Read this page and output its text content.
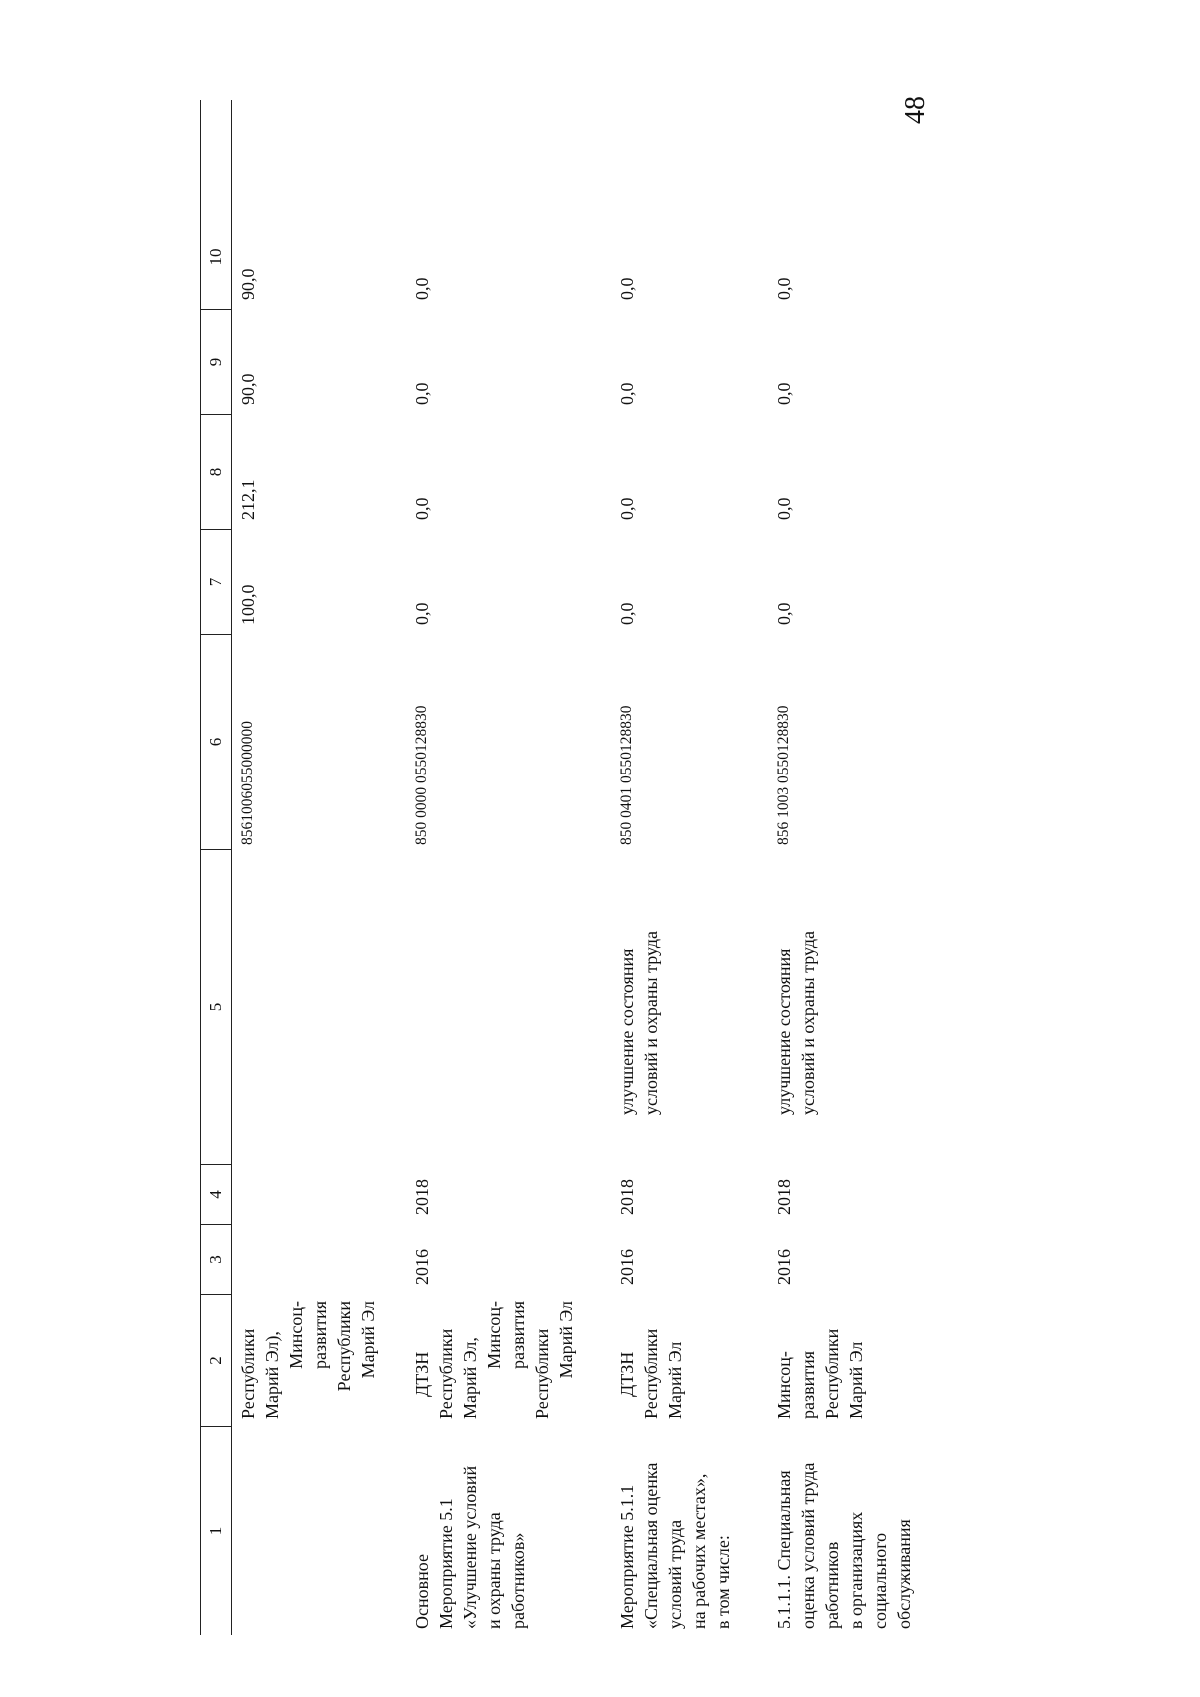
48
1
2
3
4
5
6
7
8
9
10
Республики Марий Эл), Минсоц- развития Республики Марий Эл
8561006055000000
100,0
212,1
90,0
90,0
Основное Мероприятие 5.1 «Улучшение условий и охраны труда работников»
ДТЗН Республики Марий Эл,
Минсоц- развития Республики Марий Эл
2016
2018
850 0000 0550128830
0,0
0,0
0,0
0,0
Мероприятие 5.1.1 «Специальная оценка условий труда на рабочих местах», в том числе:
ДТЗН Республики Марий Эл
2016
2018
улучшение состояния условий и охраны труда
850 0401 0550128830
0,0
0,0
0,0
0,0
5.1.1.1. Специальная оценка условий труда работников в организациях социального обслуживания
Минсоц- развития Республики Марий Эл
2016
2018
улучшение состояния условий и охраны труда
856 1003 0550128830
0,0
0,0
0,0
0,0
